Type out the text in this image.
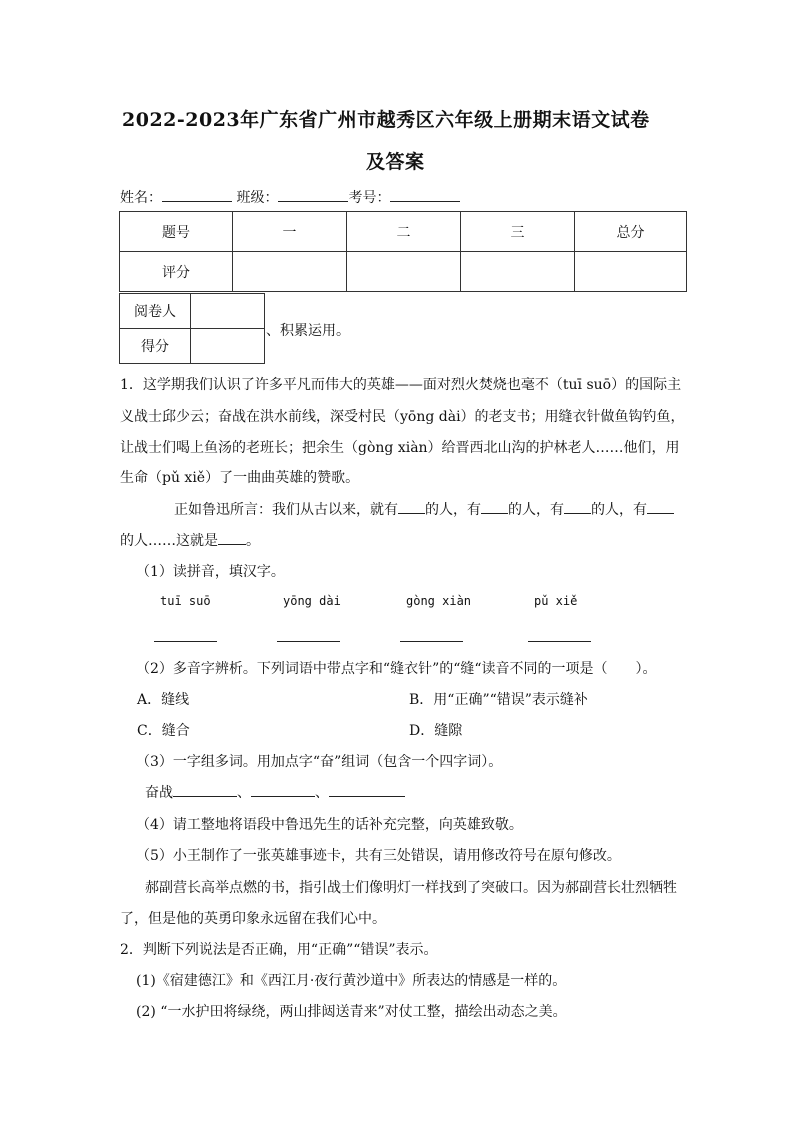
2022-2023年广东省广州市越秀区六年级上册期末语文试卷
及答案
姓名：	班级：	考号：
题号	一	二	三	总分
评分				
阅卷人	
得分	
、积累运用。
1．这学期我们认识了许多平凡而伟大的英雄——面对烈火焚烧也毫不（tuī suō）的国际主
义战士邱少云；奋战在洪水前线，深受村民（yōng dài）的老支书；用缝衣针做鱼钩钓鱼，
让战士们喝上鱼汤的老班长；把余生（gòng xiàn）给晋西北山沟的护林老人……他们，用
生命（pǔ xiě）了一曲曲英雄的赞歌。
正如鲁迅所言：我们从古以来，就有 的人，有 的人，有 的人，有
的人……这就是 。
（1）读拼音，填汉字。
tuī suō	yōng dài	gòng xiàn	pǔ xiě
（2）多音字辨析。下列词语中带点字和“缝衣针”的“缝“读音不同的一项是（　　）。
A．缝线	B．用“正确”“错误”表示缝补
C．缝合	D．缝隙
（3）一字组多词。用加点字“奋”组词（包含一个四字词）。
奋战	、	、
（4）请工整地将语段中鲁迅先生的话补充完整，向英雄致敬。
（5）小王制作了一张英雄事迹卡，共有三处错误，请用修改符号在原句修改。
郝副营长高举点燃的书，指引战士们像明灯一样找到了突破口。因为郝副营长壮烈牺牲
了，但是他的英勇印象永远留在我们心中。
2．判断下列说法是否正确，用“正确”“错误”表示。
(1)《宿建德江》和《西江月·夜行黄沙道中》所表达的情感是一样的。
(2) “一水护田将绿绕，两山排闼送青来”对仗工整，描绘出动态之美。
